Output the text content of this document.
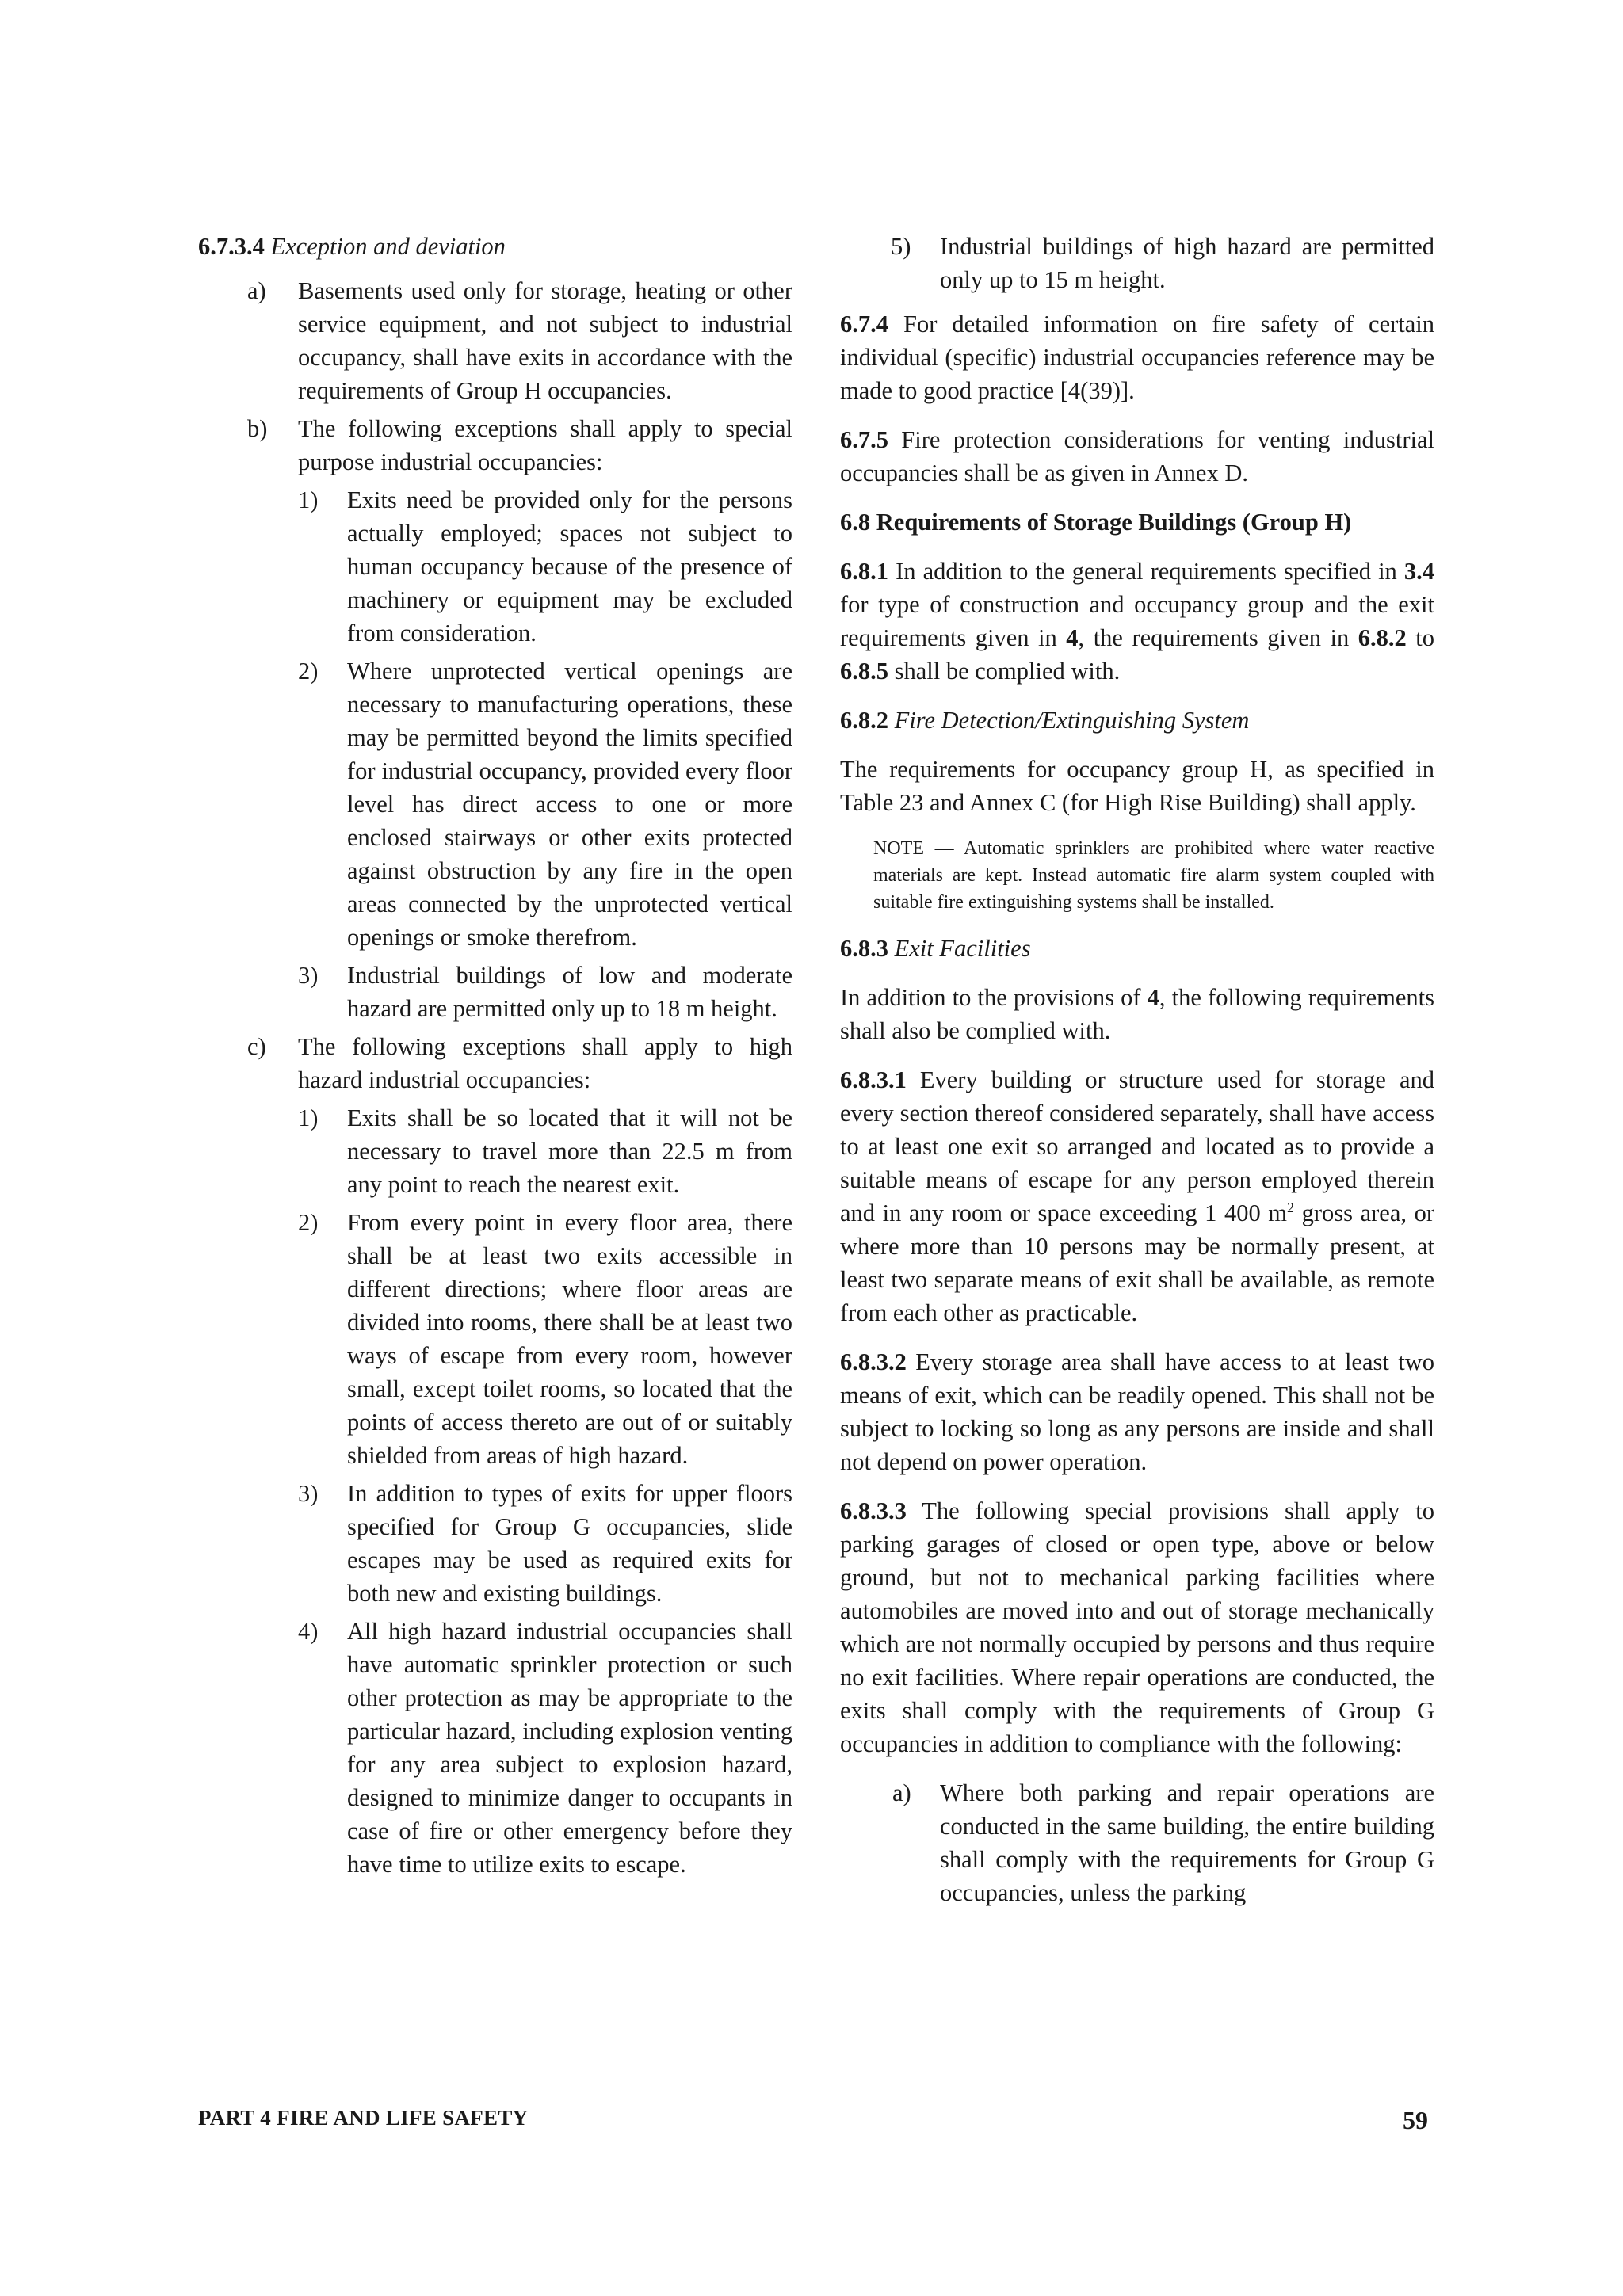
6.7.3.4 Exception and deviation

a)	Basements used only for storage, heating or other service equipment, and not subject to industrial occupancy, shall have exits in accordance with the requirements of Group H occupancies.
b)	The following exceptions shall apply to special purpose industrial occupancies:
1)	Exits need be provided only for the persons actually employed; spaces not subject to human occupancy because of the presence of machinery or equipment may be excluded from consideration.
2)	Where unprotected vertical openings are necessary to manufacturing operations, these may be permitted beyond the limits specified for industrial occupancy, provided every floor level has direct access to one or more enclosed stairways or other exits protected against obstruction by any fire in the open areas connected by the unprotected vertical openings or smoke therefrom.
3)	Industrial buildings of low and moderate hazard are permitted only up to 18 m height.
c)	The following exceptions shall apply to high hazard industrial occupancies:
1)	Exits shall be so located that it will not be necessary to travel more than 22.5 m from any point to reach the nearest exit.
2)	From every point in every floor area, there shall be at least two exits accessible in different directions; where floor areas are divided into rooms, there shall be at least two ways of escape from every room, however small, except toilet rooms, so located that the points of access thereto are out of or suitably shielded from areas of high hazard.
3)	In addition to types of exits for upper floors specified for Group G occupancies, slide escapes may be used as required exits for both new and existing buildings.
4)	All high hazard industrial occupancies shall have automatic sprinkler protection or such other protection as may be appropriate to the particular hazard, including explosion venting for any area subject to explosion hazard, designed to minimize danger to occupants in case of fire or other emergency before they have time to utilize exits to escape.
5)	Industrial buildings of high hazard are permitted only up to 15 m height.

6.7.4 For detailed information on fire safety of certain individual (specific) industrial occupancies reference may be made to good practice [4(39)].

6.7.5 Fire protection considerations for venting industrial occupancies shall be as given in Annex D.

6.8 Requirements of Storage Buildings (Group H)

6.8.1 In addition to the general requirements specified in 3.4 for type of construction and occupancy group and the exit requirements given in 4, the requirements given in 6.8.2 to 6.8.5 shall be complied with.

6.8.2 Fire Detection/Extinguishing System

The requirements for occupancy group H, as specified in Table 23 and Annex C (for High Rise Building) shall apply.

NOTE — Automatic sprinklers are prohibited where water reactive materials are kept. Instead automatic fire alarm system coupled with suitable fire extinguishing systems shall be installed.

6.8.3 Exit Facilities

In addition to the provisions of 4, the following requirements shall also be complied with.

6.8.3.1 Every building or structure used for storage and every section thereof considered separately, shall have access to at least one exit so arranged and located as to provide a suitable means of escape for any person employed therein and in any room or space exceeding 1 400 $m^2$ gross area, or where more than 10 persons may be normally present, at least two separate means of exit shall be available, as remote from each other as practicable.

6.8.3.2 Every storage area shall have access to at least two means of exit, which can be readily opened. This shall not be subject to locking so long as any persons are inside and shall not depend on power operation.

6.8.3.3 The following special provisions shall apply to parking garages of closed or open type, above or below ground, but not to mechanical parking facilities where automobiles are moved into and out of storage mechanically which are not normally occupied by persons and thus require no exit facilities. Where repair operations are conducted, the exits shall comply with the requirements of Group G occupancies in addition to compliance with the following:

a)	Where both parking and repair operations are conducted in the same building, the entire building shall comply with the requirements for Group G occupancies, unless the parking
PART 4 FIRE AND LIFE SAFETY	59
